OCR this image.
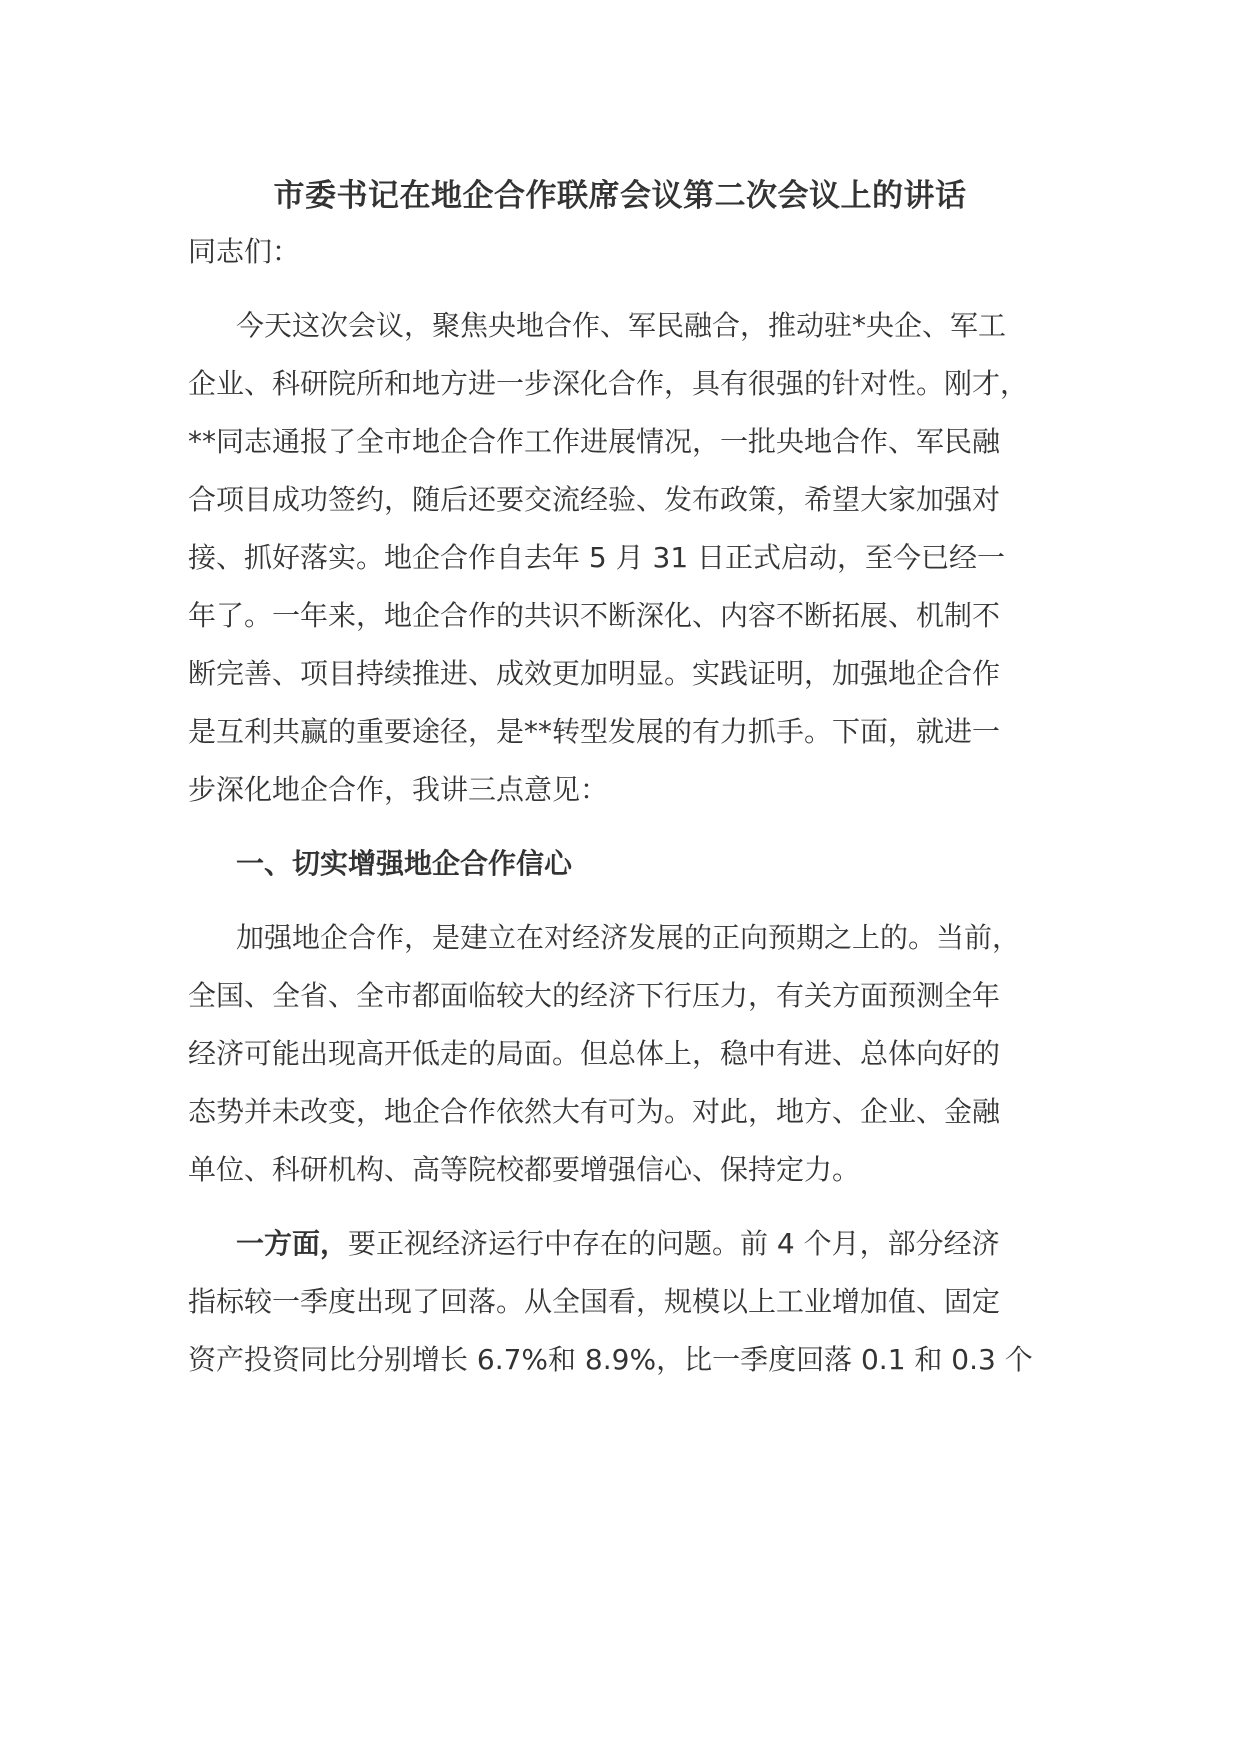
市委书记在地企合作联席会议第二次会议上的讲话

同志们：

今天这次会议，聚焦央地合作、军民融合，推动驻*央企、军工

企业、科研院所和地方进一步深化合作，具有很强的针对性。刚才，

**同志通报了全市地企合作工作进展情况，一批央地合作、军民融

合项目成功签约，随后还要交流经验、发布政策，希望大家加强对

接、抓好落实。地企合作自去年 5 月 31 日正式启动，至今已经一

年了。一年来，地企合作的共识不断深化、内容不断拓展、机制不

断完善、项目持续推进、成效更加明显。实践证明，加强地企合作

是互利共赢的重要途径，是**转型发展的有力抓手。下面，就进一

步深化地企合作，我讲三点意见：

一、切实增强地企合作信心

加强地企合作，是建立在对经济发展的正向预期之上的。当前，

全国、全省、全市都面临较大的经济下行压力，有关方面预测全年

经济可能出现高开低走的局面。但总体上，稳中有进、总体向好的

态势并未改变，地企合作依然大有可为。对此，地方、企业、金融

单位、科研机构、高等院校都要增强信心、保持定力。

一方面，要正视经济运行中存在的问题。前 4 个月，部分经济

指标较一季度出现了回落。从全国看，规模以上工业增加值、固定

资产投资同比分别增长 6.7%和 8.9%，比一季度回落 0.1 和 0.3 个
